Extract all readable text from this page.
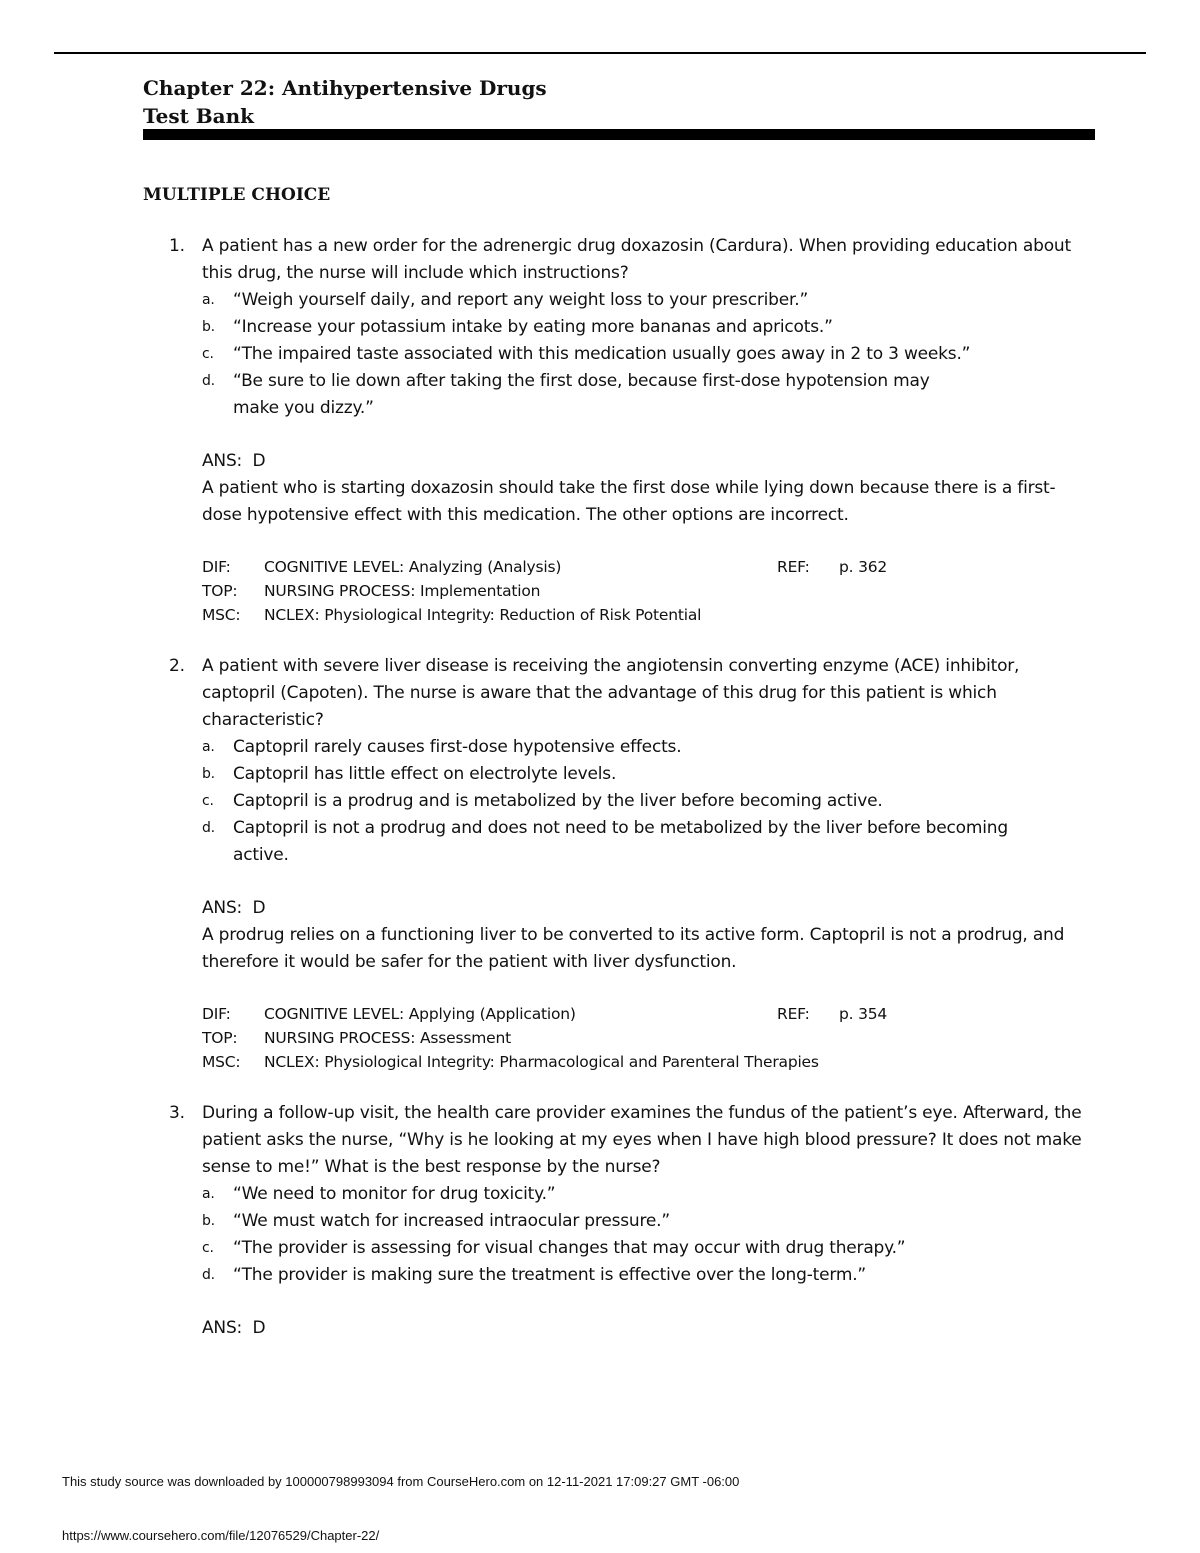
Chapter 22: Antihypertensive Drugs
Test Bank
MULTIPLE CHOICE
1. A patient has a new order for the adrenergic drug doxazosin (Cardura). When providing education about this drug, the nurse will include which instructions?
a. “Weigh yourself daily, and report any weight loss to your prescriber.”
b. “Increase your potassium intake by eating more bananas and apricots.”
c. “The impaired taste associated with this medication usually goes away in 2 to 3 weeks.”
d. “Be sure to lie down after taking the first dose, because first-dose hypotension may make you dizzy.”
ANS: D
A patient who is starting doxazosin should take the first dose while lying down because there is a first-dose hypotensive effect with this medication. The other options are incorrect.
DIF: COGNITIVE LEVEL: Analyzing (Analysis)	REF: p. 362
TOP: NURSING PROCESS: Implementation
MSC: NCLEX: Physiological Integrity: Reduction of Risk Potential
2. A patient with severe liver disease is receiving the angiotensin converting enzyme (ACE) inhibitor, captopril (Capoten). The nurse is aware that the advantage of this drug for this patient is which characteristic?
a. Captopril rarely causes first-dose hypotensive effects.
b. Captopril has little effect on electrolyte levels.
c. Captopril is a prodrug and is metabolized by the liver before becoming active.
d. Captopril is not a prodrug and does not need to be metabolized by the liver before becoming active.
ANS: D
A prodrug relies on a functioning liver to be converted to its active form. Captopril is not a prodrug, and therefore it would be safer for the patient with liver dysfunction.
DIF: COGNITIVE LEVEL: Applying (Application)	REF: p. 354
TOP: NURSING PROCESS: Assessment
MSC: NCLEX: Physiological Integrity: Pharmacological and Parenteral Therapies
3. During a follow-up visit, the health care provider examines the fundus of the patient’s eye. Afterward, the patient asks the nurse, “Why is he looking at my eyes when I have high blood pressure? It does not make sense to me!” What is the best response by the nurse?
a. “We need to monitor for drug toxicity.”
b. “We must watch for increased intraocular pressure.”
c. “The provider is assessing for visual changes that may occur with drug therapy.”
d. “The provider is making sure the treatment is effective over the long-term.”
ANS: D
This study source was downloaded by 100000798993094 from CourseHero.com on 12-11-2021 17:09:27 GMT -06:00
https://www.coursehero.com/file/12076529/Chapter-22/
